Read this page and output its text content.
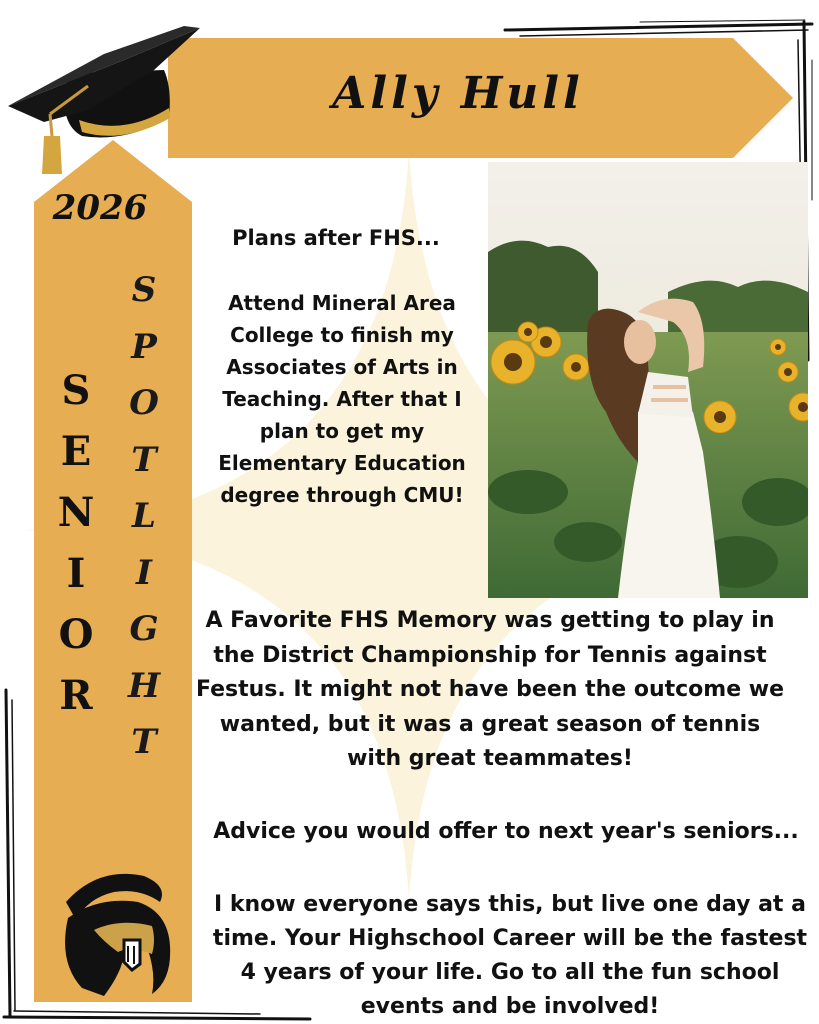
Ally Hull
2026
S
E
N
I
O
R
S
P
O
T
L
I
G
H
T
Plans after FHS...
Attend Mineral Area College to finish my Associates of Arts in Teaching. After that I plan to get my Elementary Education degree through CMU!
A Favorite FHS Memory was getting to play in the District Championship for Tennis against Festus. It might not have been the outcome we wanted, but it was a great season of tennis with great teammates!
Advice you would offer to next year's seniors...
I know everyone says this, but live one day at a time. Your Highschool Career will be the fastest 4 years of your life. Go to all the fun school events and be involved!
